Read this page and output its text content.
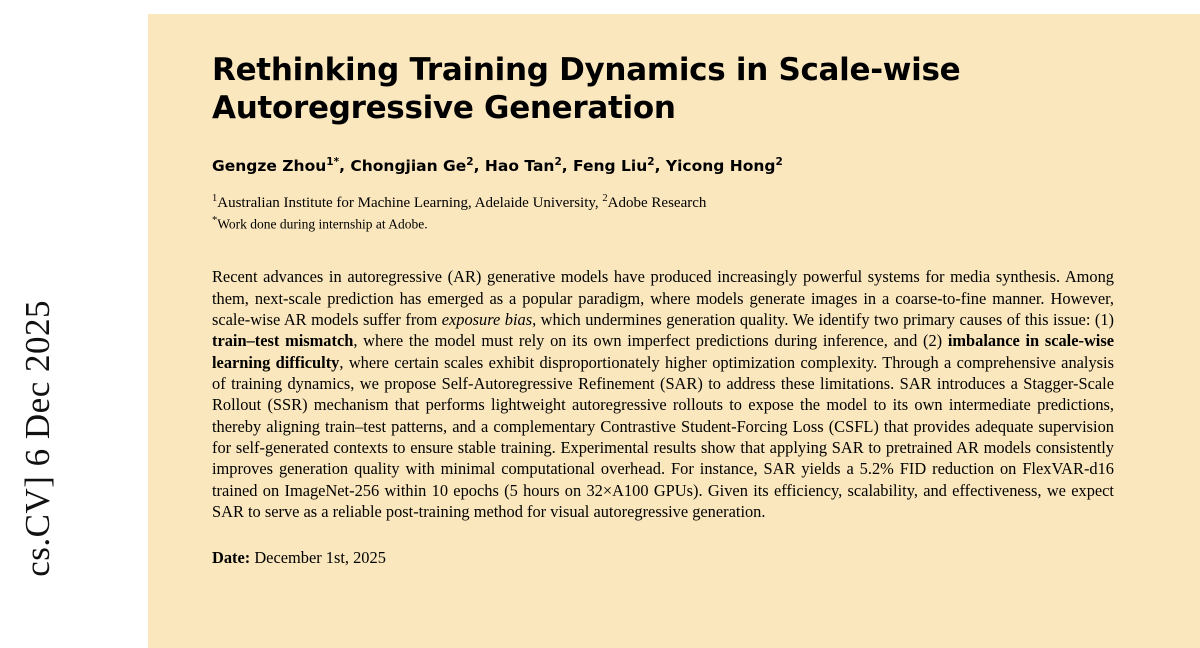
cs.CV] 6 Dec 2025
Rethinking Training Dynamics in Scale-wise Autoregressive Generation
Gengze Zhou$^{1*}$, Chongjian Ge$^2$, Hao Tan$^2$, Feng Liu$^2$, Yicong Hong$^2$
$^1$Australian Institute for Machine Learning, Adelaide University, $^2$Adobe Research
*Work done during internship at Adobe.
Recent advances in autoregressive (AR) generative models have produced increasingly powerful systems for media synthesis. Among them, next-scale prediction has emerged as a popular paradigm, where models generate images in a coarse-to-fine manner. However, scale-wise AR models suffer from exposure bias, which undermines generation quality. We identify two primary causes of this issue: (1) train–test mismatch, where the model must rely on its own imperfect predictions during inference, and (2) imbalance in scale-wise learning difficulty, where certain scales exhibit disproportionately higher optimization complexity. Through a comprehensive analysis of training dynamics, we propose Self-Autoregressive Refinement (SAR) to address these limitations. SAR introduces a Stagger-Scale Rollout (SSR) mechanism that performs lightweight autoregressive rollouts to expose the model to its own intermediate predictions, thereby aligning train–test patterns, and a complementary Contrastive Student-Forcing Loss (CSFL) that provides adequate supervision for self-generated contexts to ensure stable training. Experimental results show that applying SAR to pretrained AR models consistently improves generation quality with minimal computational overhead. For instance, SAR yields a 5.2% FID reduction on FlexVAR-d16 trained on ImageNet-256 within 10 epochs (5 hours on 32×A100 GPUs). Given its efficiency, scalability, and effectiveness, we expect SAR to serve as a reliable post-training method for visual autoregressive generation.
Date: December 1st, 2025
